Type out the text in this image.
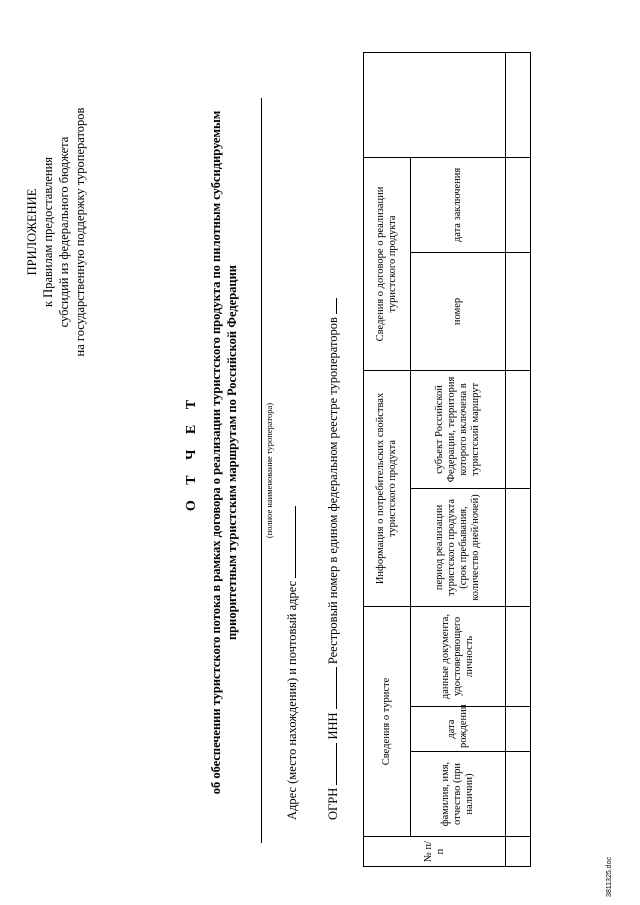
ПРИЛОЖЕНИЕ к Правилам предоставления субсидий из федерального бюджета на государственную поддержку туроператоров
О Т Ч Е Т об обеспечении туристского потока в рамках договора о реализации туристского продукта по пилотным субсидируемым приоритетным туристским маршрутам по Российской Федерации	(полное наименование туроператора)
Адрес (место нахождения) и почтовый адрес ОГРН  ИНН  Реестровый номер в едином федеральном реестре туроператоров
№ п/п	Сведения о туристе			Информация о потребительских свойствах туристского продукта		Сведения о договоре о реализации туристского продукта		
	фамилия, имя, отчество (при наличии)	дата рождения	данные документа, удостоверяющего личность	период реализации туристского продукта (срок пребывания, количество дней/ночей)	субъект Российской Федерации, территория которого включена в туристский маршрут	номер	дата заключения	

3811325.doc
